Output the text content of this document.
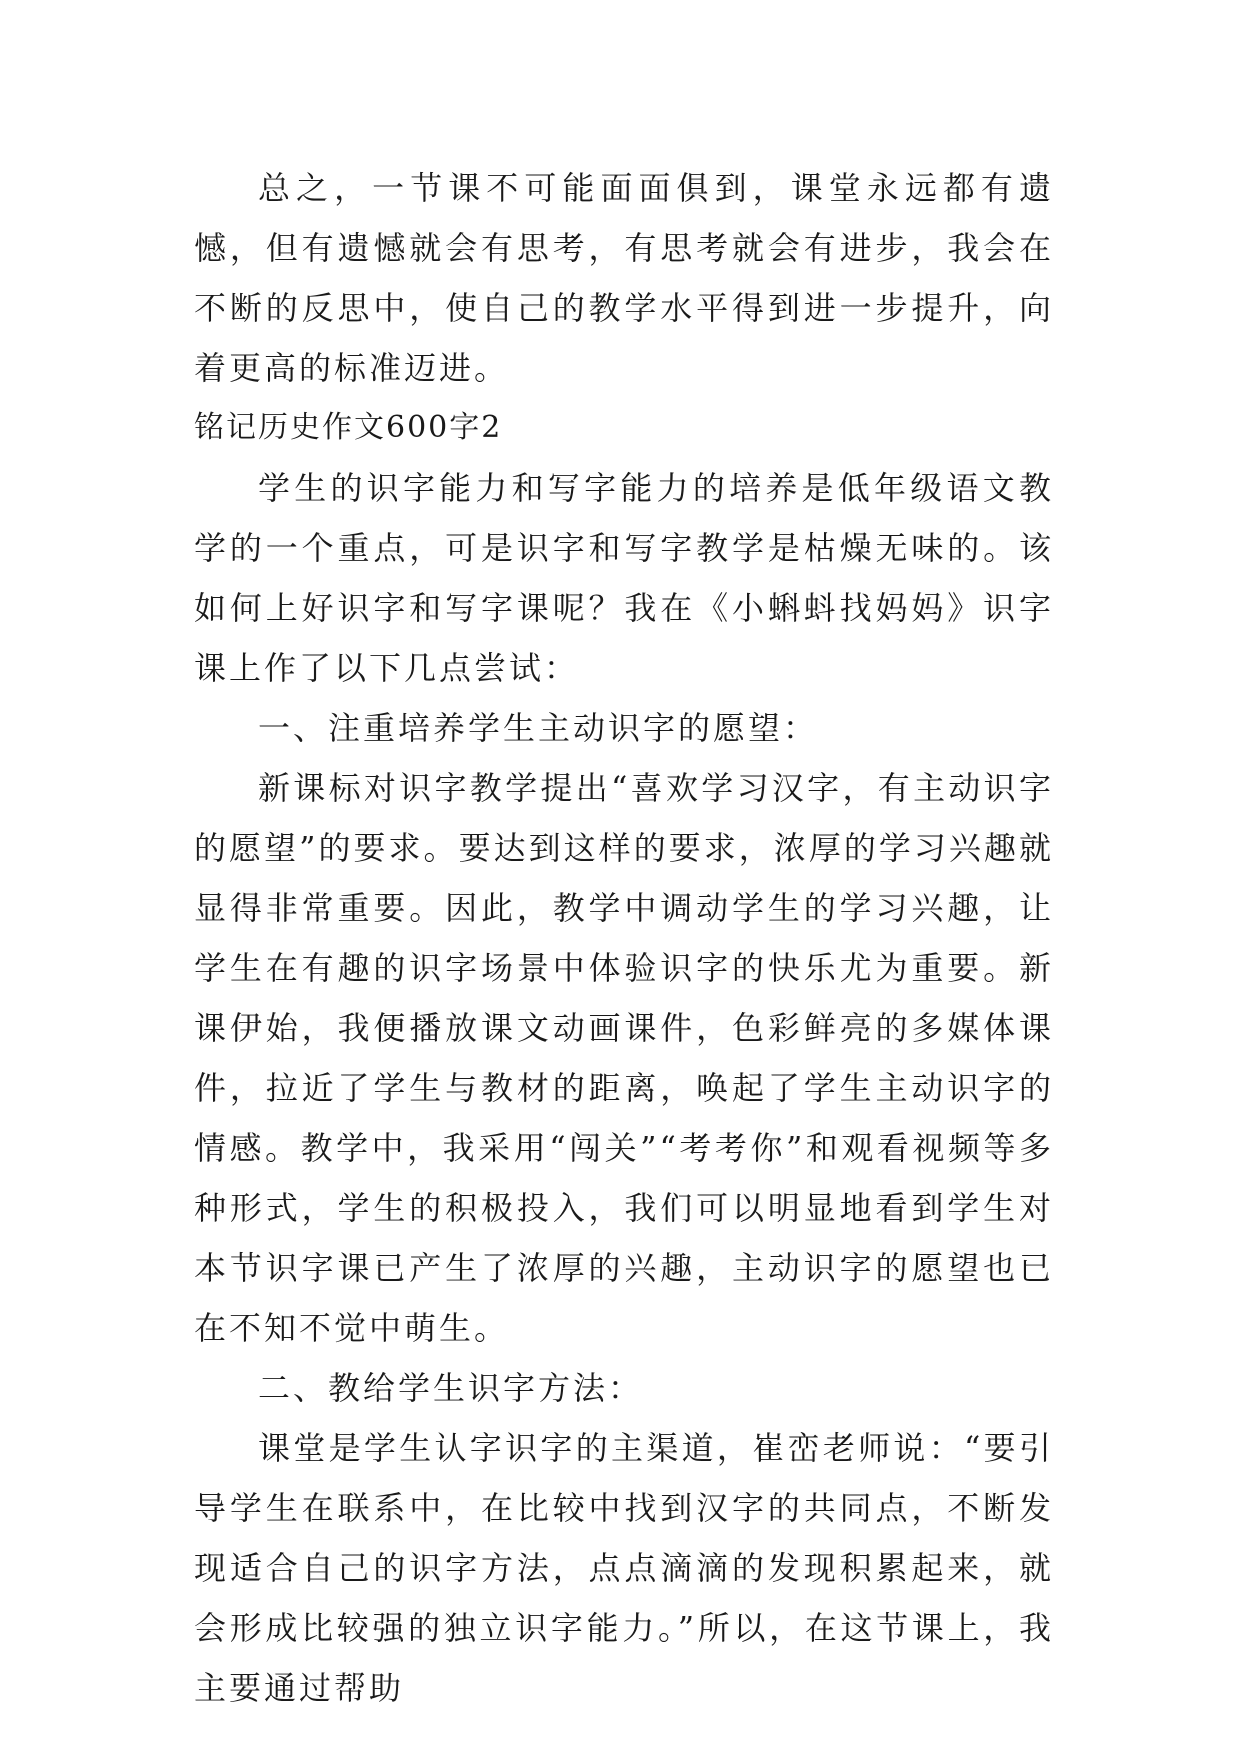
总之，一节课不可能面面俱到，课堂永远都有遗憾，但有遗憾就会有思考，有思考就会有进步，我会在不断的反思中，使自己的教学水平得到进一步提升，向着更高的标准迈进。

铭记历史作文600字2

学生的识字能力和写字能力的培养是低年级语文教学的一个重点，可是识字和写字教学是枯燥无味的。该如何上好识字和写字课呢？我在《小蝌蚪找妈妈》识字课上作了以下几点尝试：

一、注重培养学生主动识字的愿望：

新课标对识字教学提出“喜欢学习汉字，有主动识字的愿望”的要求。要达到这样的要求，浓厚的学习兴趣就显得非常重要。因此，教学中调动学生的学习兴趣，让学生在有趣的识字场景中体验识字的快乐尤为重要。新课伊始，我便播放课文动画课件，色彩鲜亮的多媒体课件，拉近了学生与教材的距离，唤起了学生主动识字的情感。教学中，我采用“闯关”“考考你”和观看视频等多种形式，学生的积极投入，我们可以明显地看到学生对本节识字课已产生了浓厚的兴趣，主动识字的愿望也已在不知不觉中萌生。

二、教给学生识字方法：

课堂是学生认字识字的主渠道，崔峦老师说：“要引导学生在联系中，在比较中找到汉字的共同点，不断发现适合自己的识字方法，点点滴滴的发现积累起来，就会形成比较强的独立识字能力。”所以，在这节课上，我主要通过帮助
